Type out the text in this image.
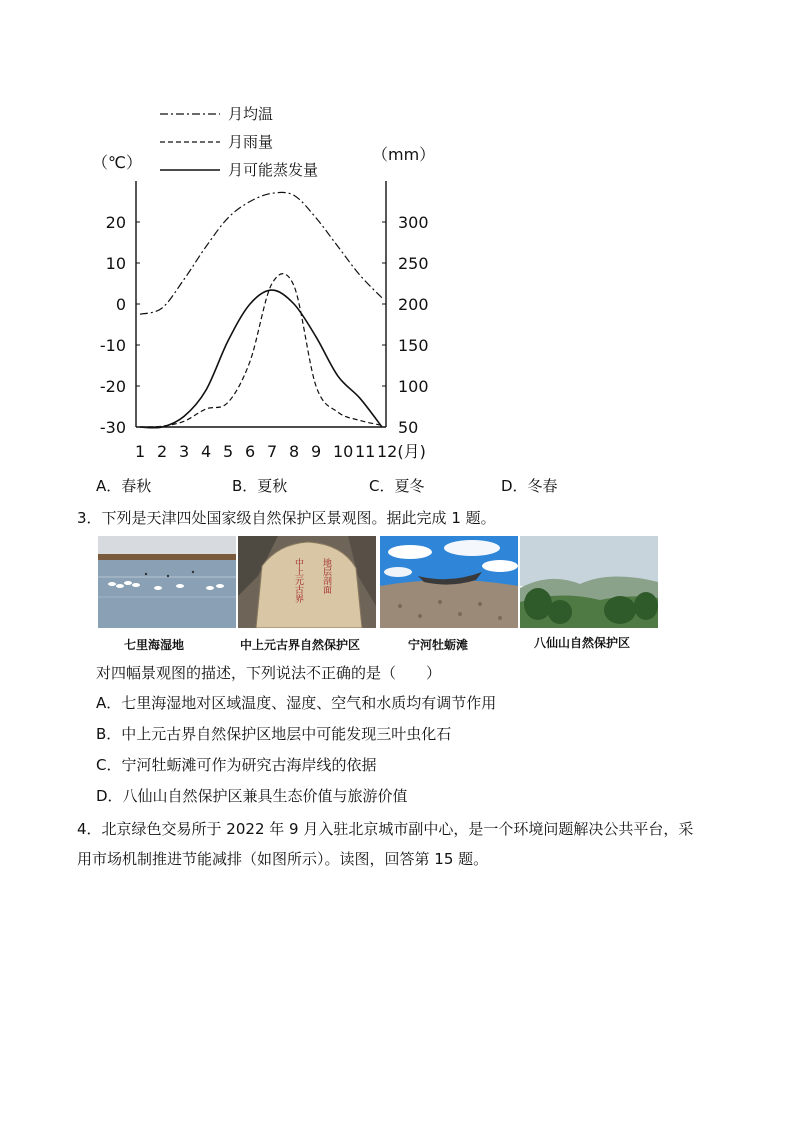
月均温
月雨量
月可能蒸发量
（℃）	（mm）
20
10
0
-10
-20
-30
300
250
200
150
100
50
1 2 3 4 5 6 7 8 9 10 11 12(月)
A．春秋	B．夏秋	C．夏冬	D．冬春
3．下列是天津四处国家级自然保护区景观图。据此完成 1 题。
中上元古界 地层剖面
七里海湿地	中上元古界自然保护区	宁河牡蛎滩	八仙山自然保护区
对四幅景观图的描述，下列说法不正确的是（　　）
A．七里海湿地对区域温度、湿度、空气和水质均有调节作用
B．中上元古界自然保护区地层中可能发现三叶虫化石
C．宁河牡蛎滩可作为研究古海岸线的依据
D．八仙山自然保护区兼具生态价值与旅游价值
4．北京绿色交易所于 2022 年 9 月入驻北京城市副中心，是一个环境问题解决公共平台，采用市场机制推进节能减排（如图所示）。读图，回答第 15 题。
